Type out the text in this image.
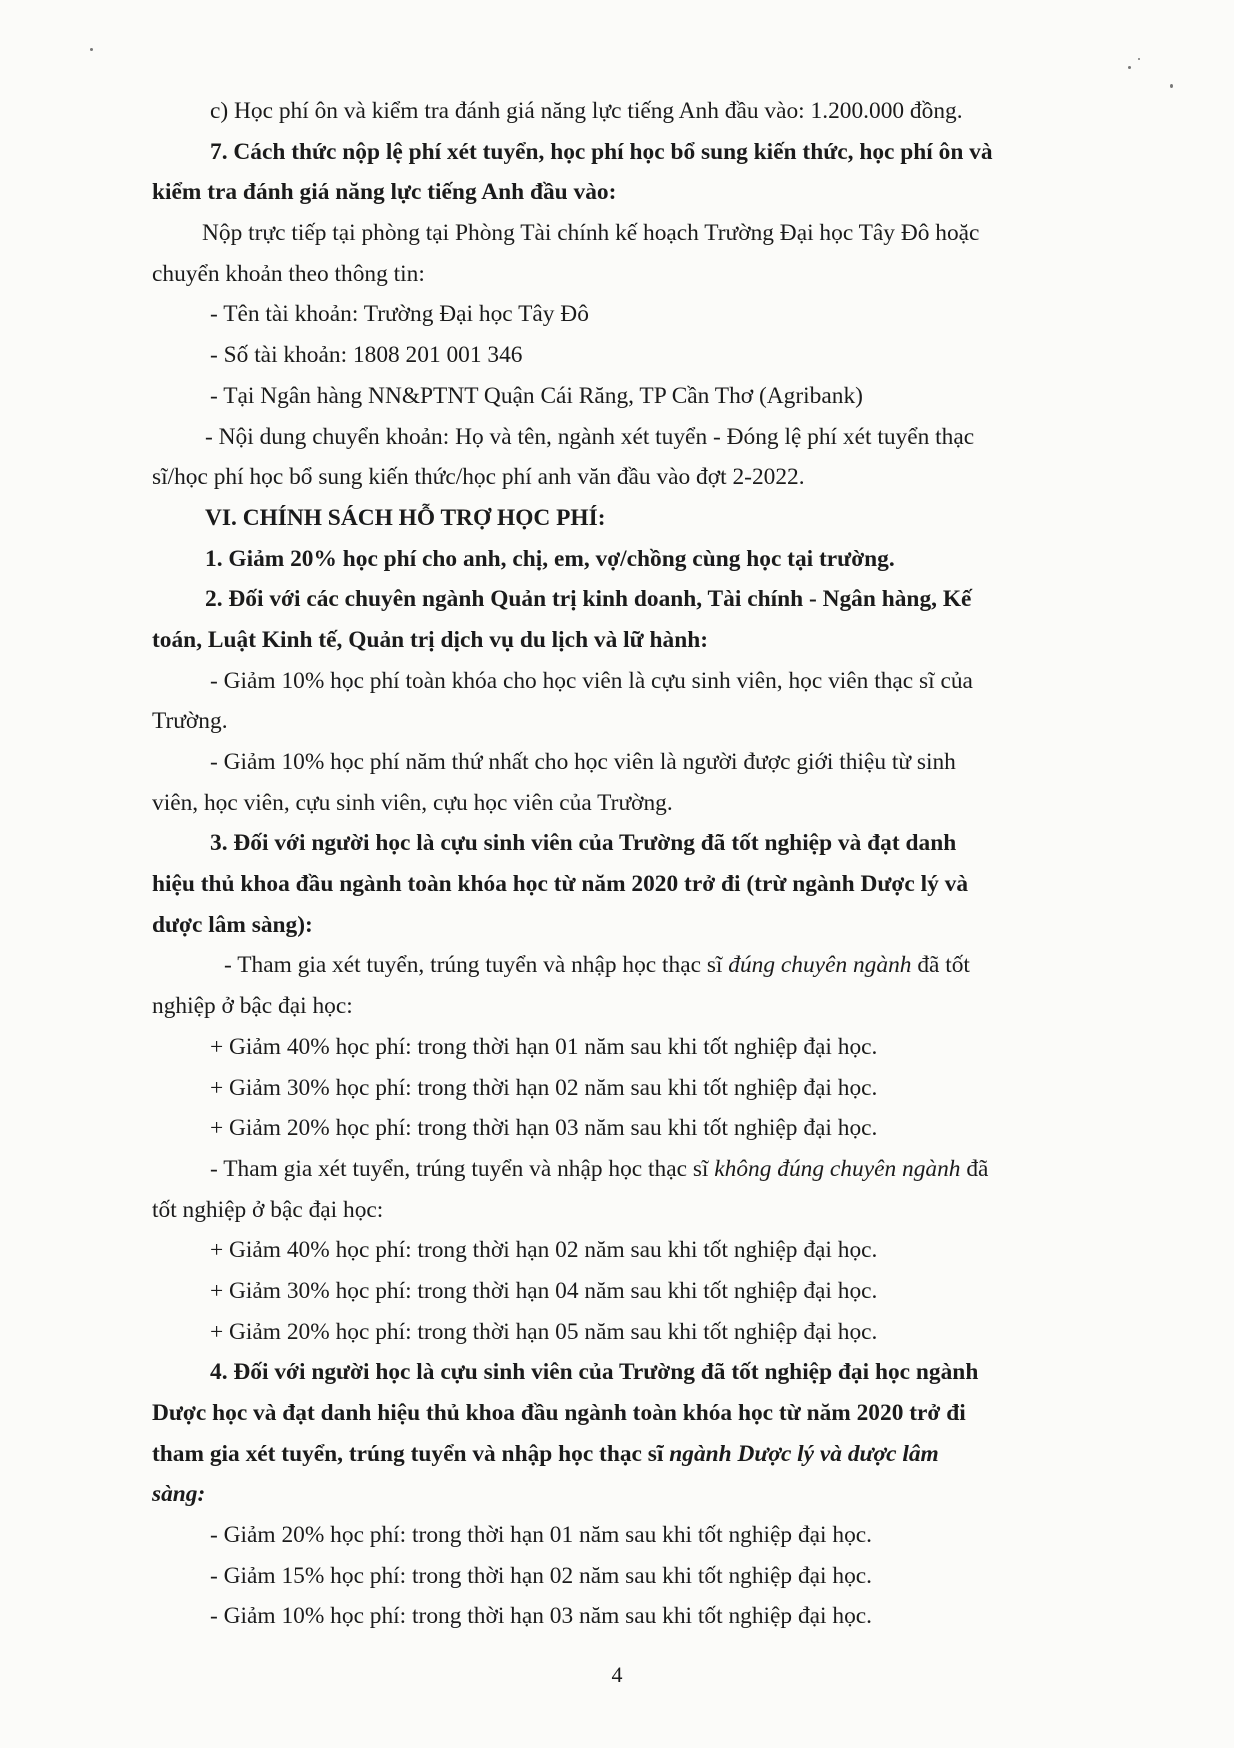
c) Học phí ôn và kiểm tra đánh giá năng lực tiếng Anh đầu vào: 1.200.000 đồng.
7. Cách thức nộp lệ phí xét tuyển, học phí học bổ sung kiến thức, học phí ôn và
kiểm tra đánh giá năng lực tiếng Anh đầu vào:
Nộp trực tiếp tại phòng tại Phòng Tài chính kế hoạch Trường Đại học Tây Đô hoặc
chuyển khoản theo thông tin:
- Tên tài khoản: Trường Đại học Tây Đô
- Số tài khoản: 1808 201 001 346
- Tại Ngân hàng NN&PTNT Quận Cái Răng, TP Cần Thơ (Agribank)
- Nội dung chuyển khoản: Họ và tên, ngành xét tuyển - Đóng lệ phí xét tuyển thạc
sĩ/học phí học bổ sung kiến thức/học phí anh văn đầu vào đợt 2-2022.
VI. CHÍNH SÁCH HỖ TRỢ HỌC PHÍ:
1. Giảm 20% học phí cho anh, chị, em, vợ/chồng cùng học tại trường.
2. Đối với các chuyên ngành Quản trị kinh doanh, Tài chính - Ngân hàng, Kế
toán, Luật Kinh tế, Quản trị dịch vụ du lịch và lữ hành:
- Giảm 10% học phí toàn khóa cho học viên là cựu sinh viên, học viên thạc sĩ của
Trường.
- Giảm 10% học phí năm thứ nhất cho học viên là người được giới thiệu từ sinh
viên, học viên, cựu sinh viên, cựu học viên của Trường.
3. Đối với người học là cựu sinh viên của Trường đã tốt nghiệp và đạt danh
hiệu thủ khoa đầu ngành toàn khóa học từ năm 2020 trở đi (trừ ngành Dược lý và
dược lâm sàng):
- Tham gia xét tuyển, trúng tuyển và nhập học thạc sĩ đúng chuyên ngành đã tốt
nghiệp ở bậc đại học:
+ Giảm 40% học phí: trong thời hạn 01 năm sau khi tốt nghiệp đại học.
+ Giảm 30% học phí: trong thời hạn 02 năm sau khi tốt nghiệp đại học.
+ Giảm 20% học phí: trong thời hạn 03 năm sau khi tốt nghiệp đại học.
- Tham gia xét tuyển, trúng tuyển và nhập học thạc sĩ không đúng chuyên ngành đã
tốt nghiệp ở bậc đại học:
+ Giảm 40% học phí: trong thời hạn 02 năm sau khi tốt nghiệp đại học.
+ Giảm 30% học phí: trong thời hạn 04 năm sau khi tốt nghiệp đại học.
+ Giảm 20% học phí: trong thời hạn 05 năm sau khi tốt nghiệp đại học.
4. Đối với người học là cựu sinh viên của Trường đã tốt nghiệp đại học ngành
Dược học và đạt danh hiệu thủ khoa đầu ngành toàn khóa học từ năm 2020 trở đi
tham gia xét tuyển, trúng tuyển và nhập học thạc sĩ ngành Dược lý và dược lâm
sàng:
- Giảm 20% học phí: trong thời hạn 01 năm sau khi tốt nghiệp đại học.
- Giảm 15% học phí: trong thời hạn 02 năm sau khi tốt nghiệp đại học.
- Giảm 10% học phí: trong thời hạn 03 năm sau khi tốt nghiệp đại học.
4
